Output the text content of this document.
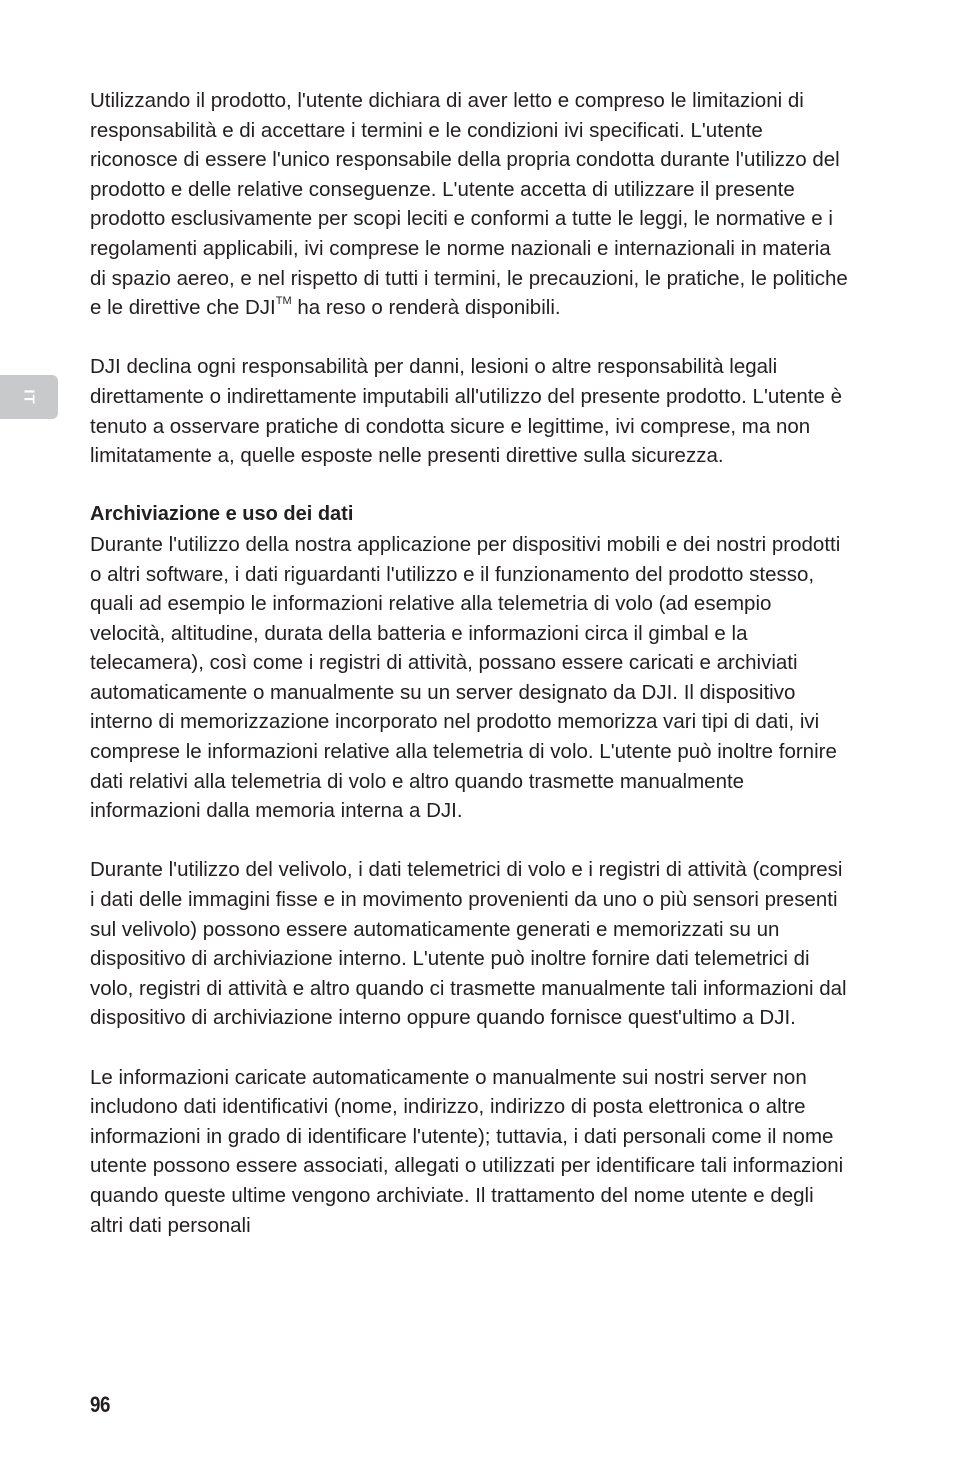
IT

Utilizzando il prodotto, l'utente dichiara di aver letto e compreso le limitazioni di responsabilità e di accettare i termini e le condizioni ivi specificati. L'utente riconosce di essere l'unico responsabile della propria condotta durante l'utilizzo del prodotto e delle relative conseguenze. L'utente accetta di utilizzare il presente prodotto esclusivamente per scopi leciti e conformi a tutte le leggi, le normative e i regolamenti applicabili, ivi comprese le norme nazionali e internazionali in materia di spazio aereo, e nel rispetto di tutti i termini, le precauzioni, le pratiche, le politiche e le direttive che DJI™ ha reso o renderà disponibili.

DJI declina ogni responsabilità per danni, lesioni o altre responsabilità legali direttamente o indirettamente imputabili all'utilizzo del presente prodotto. L'utente è tenuto a osservare pratiche di condotta sicure e legittime, ivi comprese, ma non limitatamente a, quelle esposte nelle presenti direttive sulla sicurezza.

Archiviazione e uso dei dati

Durante l'utilizzo della nostra applicazione per dispositivi mobili e dei nostri prodotti o altri software, i dati riguardanti l'utilizzo e il funzionamento del prodotto stesso, quali ad esempio le informazioni relative alla telemetria di volo (ad esempio velocità, altitudine, durata della batteria e informazioni circa il gimbal e la telecamera), così come i registri di attività, possano essere caricati e archiviati automaticamente o manualmente su un server designato da DJI. Il dispositivo interno di memorizzazione incorporato nel prodotto memorizza vari tipi di dati, ivi comprese le informazioni relative alla telemetria di volo. L'utente può inoltre fornire dati relativi alla telemetria di volo e altro quando trasmette manualmente informazioni dalla memoria interna a DJI.

Durante l'utilizzo del velivolo, i dati telemetrici di volo e i registri di attività (compresi i dati delle immagini fisse e in movimento provenienti da uno o più sensori presenti sul velivolo) possono essere automaticamente generati e memorizzati su un dispositivo di archiviazione interno. L'utente può inoltre fornire dati telemetrici di volo, registri di attività e altro quando ci trasmette manualmente tali informazioni dal dispositivo di archiviazione interno oppure quando fornisce quest'ultimo a DJI.

Le informazioni caricate automaticamente o manualmente sui nostri server non includono dati identificativi (nome, indirizzo, indirizzo di posta elettronica o altre informazioni in grado di identificare l'utente); tuttavia, i dati personali come il nome utente possono essere associati, allegati o utilizzati per identificare tali informazioni quando queste ultime vengono archiviate. Il trattamento del nome utente e degli altri dati personali

96
